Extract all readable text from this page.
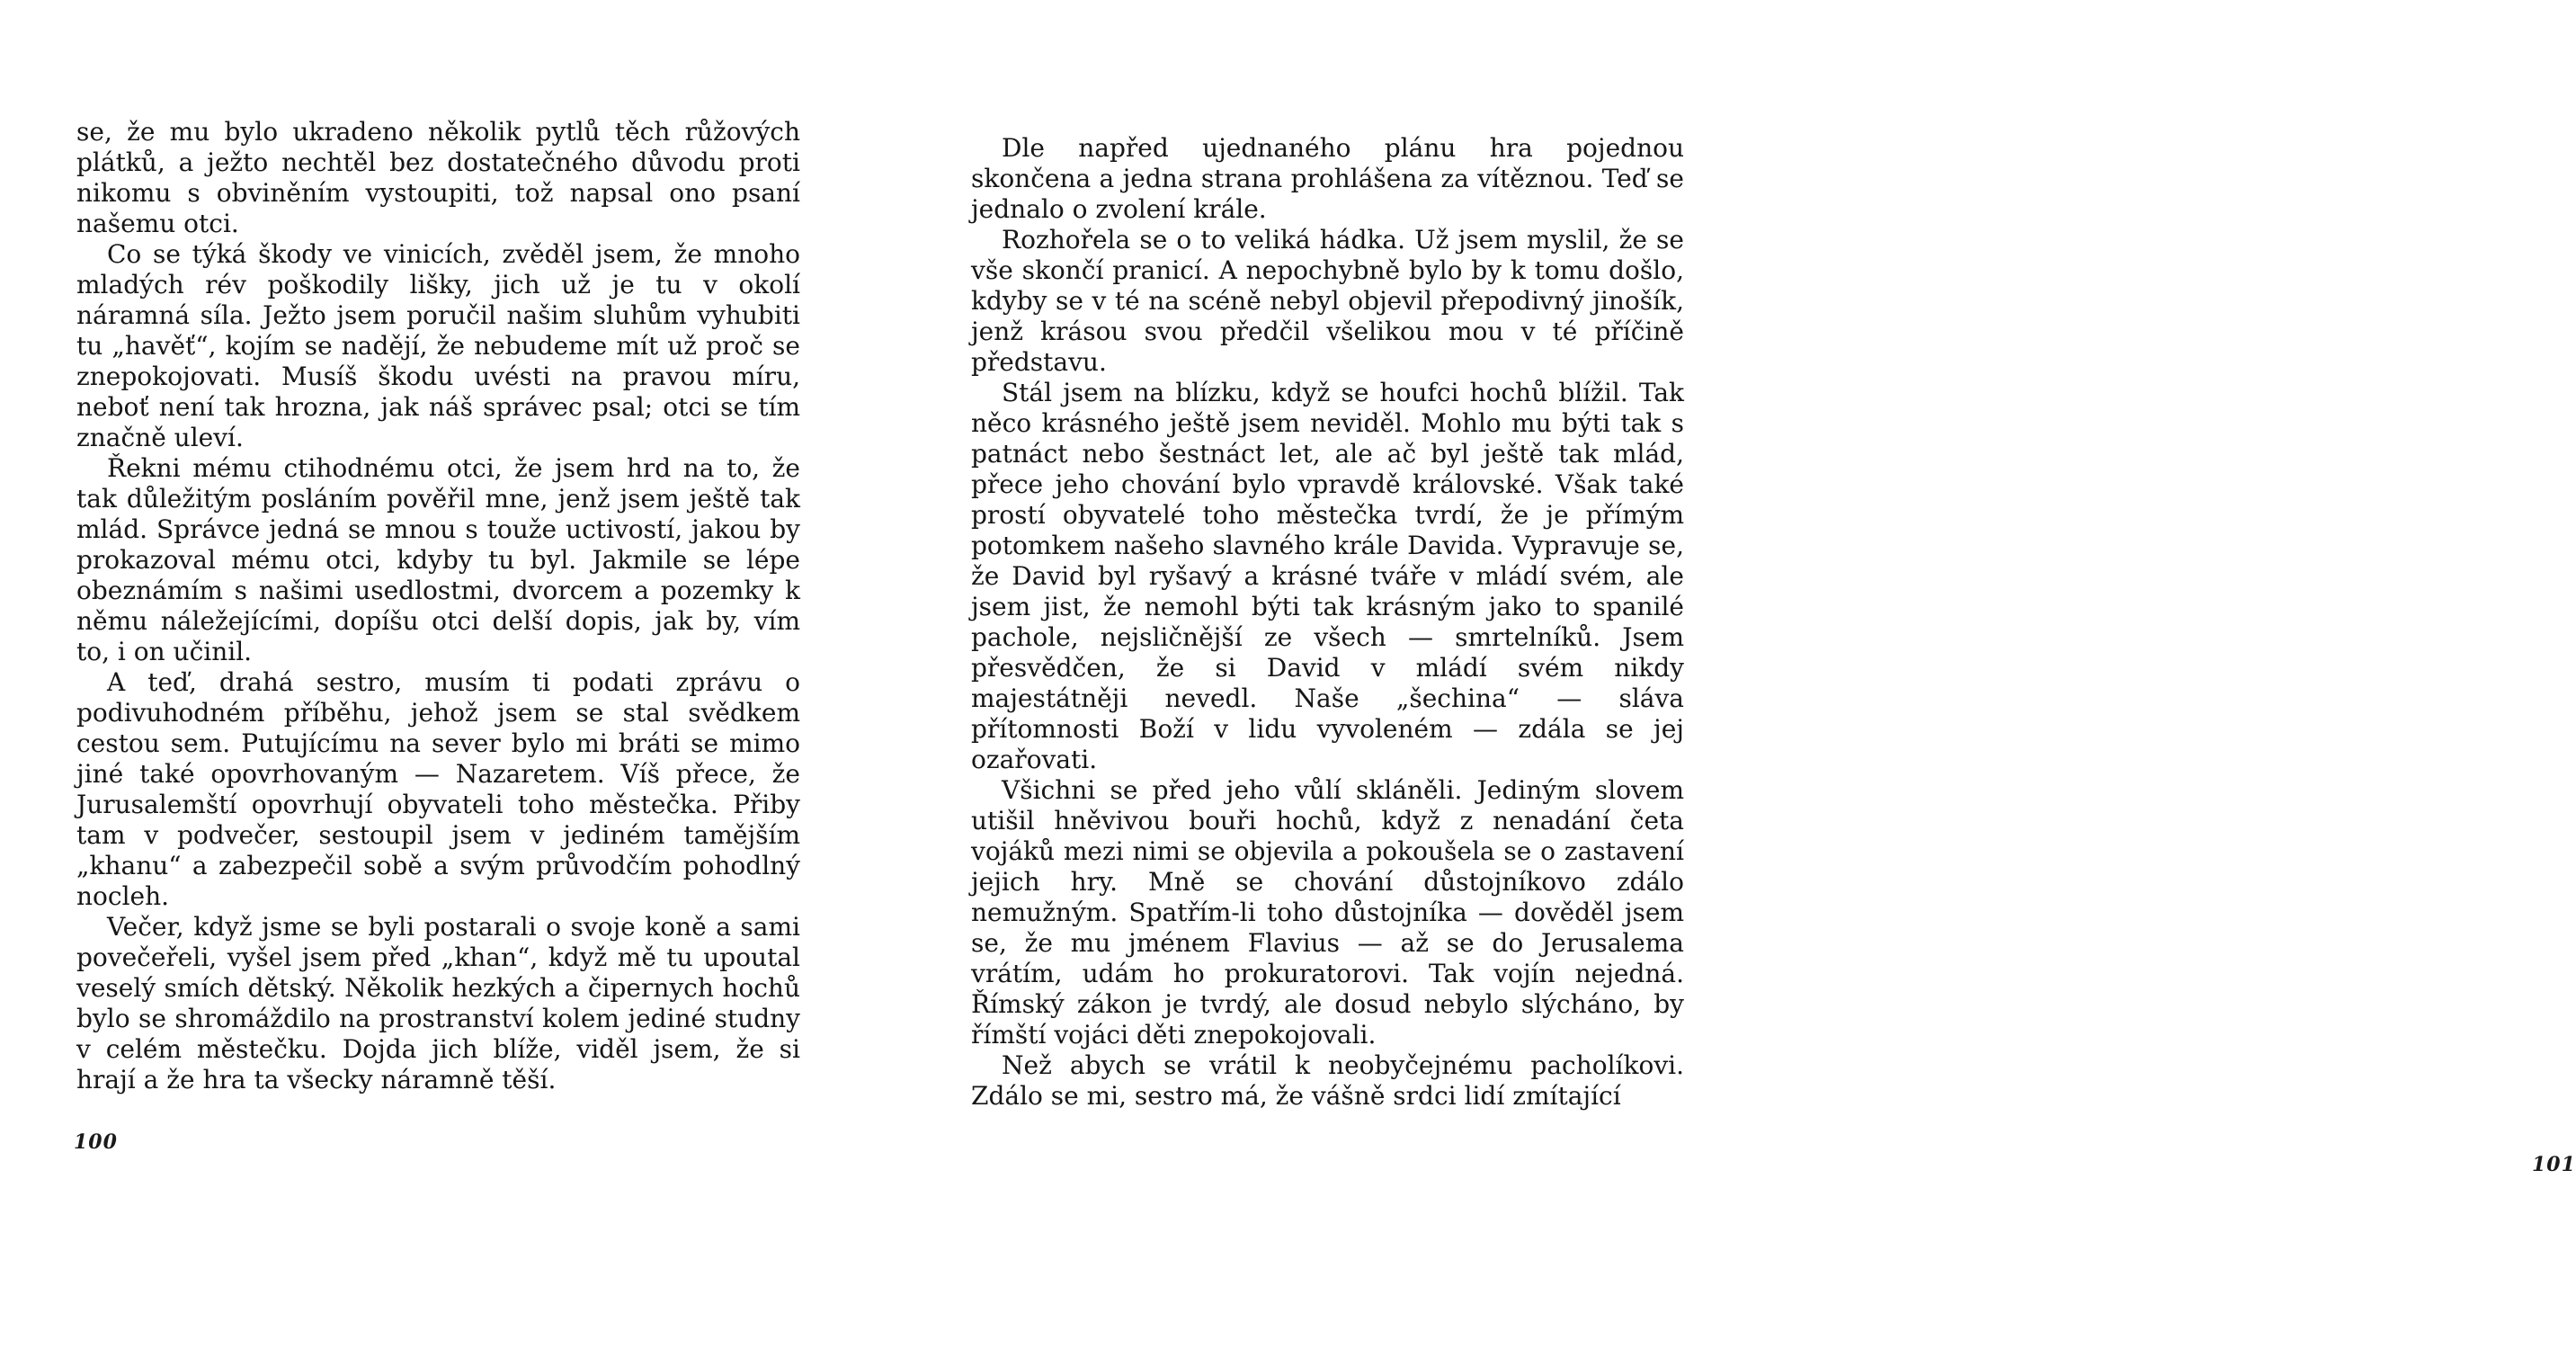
se, že mu bylo ukradeno několik pytlů těch růžových plátků, a ježto nechtěl bez dostatečného důvodu proti nikomu s obviněním vystoupiti, tož napsal ono psaní našemu otci.

Co se týká škody ve vinicích, zvěděl jsem, že mnoho mladých rév poškodily lišky, jich už je tu v okolí náramná síla. Ježto jsem poručil našim sluhům vyhubiti tu „havěť“, kojím se nadějí, že nebudeme mít už proč se znepokojovati. Musíš škodu uvésti na pravou míru, neboť není tak hrozna, jak náš správec psal; otci se tím značně uleví.

Řekni mému ctihodnému otci, že jsem hrd na to, že tak důležitým posláním pověřil mne, jenž jsem ještě tak mlád. Správce jedná se mnou s touže uctivostí, jakou by prokazoval mému otci, kdyby tu byl. Jakmile se lépe obeznámím s našimi usedlostmi, dvorcem a pozemky k němu náležejícími, dopíšu otci delší dopis, jak by, vím to, i on učinil.

A teď, drahá sestro, musím ti podati zprávu o podivuhodném příběhu, jehož jsem se stal svědkem cestou sem. Putujícímu na sever bylo mi bráti se mimo jiné také opovrhovaným — Nazaretem. Víš přece, že Jurusalemští opovrhují obyvateli toho městečka. Přiby tam v podvečer, sestoupil jsem v jediném tamějším „khanu“ a zabezpečil sobě a svým průvodčím pohodlný nocleh.

Večer, když jsme se byli postarali o svoje koně a sami povečeřeli, vyšel jsem před „khan“, když mě tu upoutal veselý smích dětský. Několik hezkých a čipernych hochů bylo se shromáždilo na prostranství kolem jediné studny v celém městečku. Dojda jich blíže, viděl jsem, že si hrají a že hra ta všecky náramně těší.

100

Dle napřed ujednaného plánu hra pojednou skončena a jedna strana prohlášena za vítěznou. Teď se jednalo o zvolení krále.

Rozhořela se o to veliká hádka. Už jsem myslil, že se vše skončí pranicí. A nepochybně bylo by k tomu došlo, kdyby se v té na scéně nebyl objevil přepodivný jinošík, jenž krásou svou předčil všelikou mou v té příčině představu.

Stál jsem na blízku, když se houfci hochů blížil. Tak něco krásného ještě jsem neviděl. Mohlo mu býti tak s patnáct nebo šestnáct let, ale ač byl ještě tak mlád, přece jeho chování bylo vpravdě královské. Však také prostí obyvatelé toho městečka tvrdí, že je přímým potomkem našeho slavného krále Davida. Vypravuje se, že David byl ryšavý a krásné tváře v mládí svém, ale jsem jist, že nemohl býti tak krásným jako to spanilé pachole, nejsličnější ze všech — smrtelníků. Jsem přesvědčen, že si David v mládí svém nikdy majestátněji nevedl. Naše „šechina“ — sláva přítomnosti Boží v lidu vyvoleném — zdála se jej ozařovati.

Všichni se před jeho vůlí skláněli. Jediným slovem utišil hněvivou bouři hochů, když z nenadání četa vojáků mezi nimi se objevila a pokoušela se o zastavení jejich hry. Mně se chování důstojníkovo zdálo nemužným. Spatřím-li toho důstojníka — dověděl jsem se, že mu jménem Flavius — až se do Jerusalema vrátím, udám ho prokuratorovi. Tak vojín nejedná. Římský zákon je tvrdý, ale dosud nebylo slýcháno, by římští vojáci děti znepokojovali.

Než abych se vrátil k neobyčejnému pacholíkovi. Zdálo se mi, sestro má, že vášně srdci lidí zmítající

101
